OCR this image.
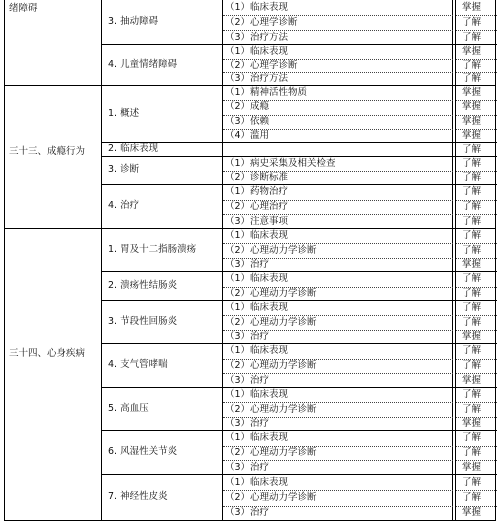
绪障碍
3. 抽动障碍
（1）临床表现	掌握
（2）心理学诊断	了解
（3）治疗方法	了解
4. 儿童情绪障碍
（1）临床表现	掌握
（2）心理学诊断	了解
（3）治疗方法	了解
三十三、成瘾行为
1. 概述
（1）精神活性物质	掌握
（2）成瘾	掌握
（3）依赖	掌握
（4）滥用	掌握
2. 临床表现	了解
3. 诊断
（1）病史采集及相关检查	了解
（2）诊断标准	了解
4. 治疗
（1）药物治疗	了解
（2）心理治疗	了解
（3）注意事项	了解
三十四、心身疾病
1. 胃及十二指肠溃疡
（1）临床表现	了解
（2）心理动力学诊断	了解
（3）治疗	掌握
2. 溃疡性结肠炎
（1）临床表现	了解
（2）心理动力学诊断	了解
3. 节段性回肠炎
（1）临床表现	了解
（2）心理动力学诊断	了解
（3）治疗	掌握
4. 支气管哮喘
（1）临床表现	了解
（2）心理动力学诊断	了解
（3）治疗	掌握
5. 高血压
（1）临床表现	了解
（2）心理动力学诊断	了解
（3）治疗	掌握
6. 风湿性关节炎
（1）临床表现	了解
（2）心理动力学诊断	了解
（3）治疗	掌握
7. 神经性皮炎
（1）临床表现	了解
（2）心理动力学诊断	了解
（3）治疗	掌握
